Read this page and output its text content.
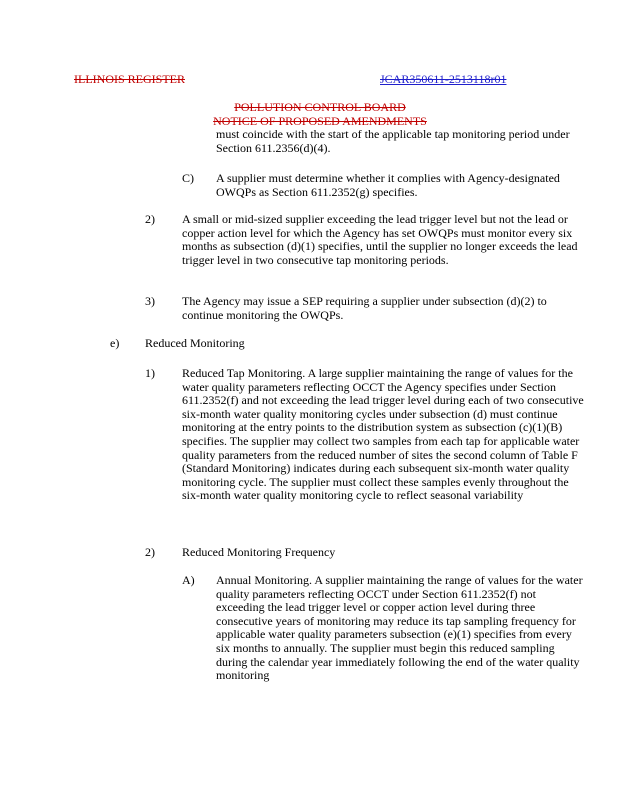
ILLINOIS REGISTER	JCAR350611-2513118r01
POLLUTION CONTROL BOARD
NOTICE OF PROPOSED AMENDMENTS
must coincide with the start of the applicable tap monitoring period under Section 611.2356(d)(4).
C) A supplier must determine whether it complies with Agency-designated OWQPs as Section 611.2352(g) specifies.
2) A small or mid-sized supplier exceeding the lead trigger level but not the lead or copper action level for which the Agency has set OWQPs must monitor every six months as subsection (d)(1) specifies, until the supplier no longer exceeds the lead trigger level in two consecutive tap monitoring periods.
3) The Agency may issue a SEP requiring a supplier under subsection (d)(2) to continue monitoring the OWQPs.
e) Reduced Monitoring
1) Reduced Tap Monitoring. A large supplier maintaining the range of values for the water quality parameters reflecting OCCT the Agency specifies under Section 611.2352(f) and not exceeding the lead trigger level during each of two consecutive six-month water quality monitoring cycles under subsection (d) must continue monitoring at the entry points to the distribution system as subsection (c)(1)(B) specifies. The supplier may collect two samples from each tap for applicable water quality parameters from the reduced number of sites the second column of Table F (Standard Monitoring) indicates during each subsequent six-month water quality monitoring cycle. The supplier must collect these samples evenly throughout the six-month water quality monitoring cycle to reflect seasonal variability
2) Reduced Monitoring Frequency
A) Annual Monitoring. A supplier maintaining the range of values for the water quality parameters reflecting OCCT under Section 611.2352(f) not exceeding the lead trigger level or copper action level during three consecutive years of monitoring may reduce its tap sampling frequency for applicable water quality parameters subsection (e)(1) specifies from every six months to annually. The supplier must begin this reduced sampling during the calendar year immediately following the end of the water quality monitoring
